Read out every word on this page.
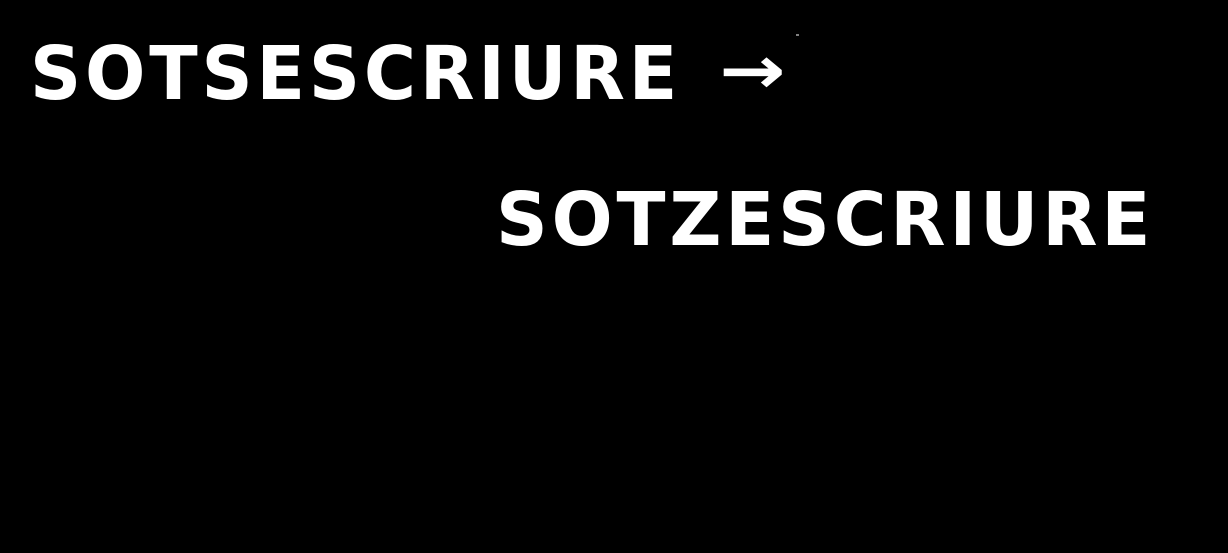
SOTSESCRIURE →
SOTZESCRIURE
